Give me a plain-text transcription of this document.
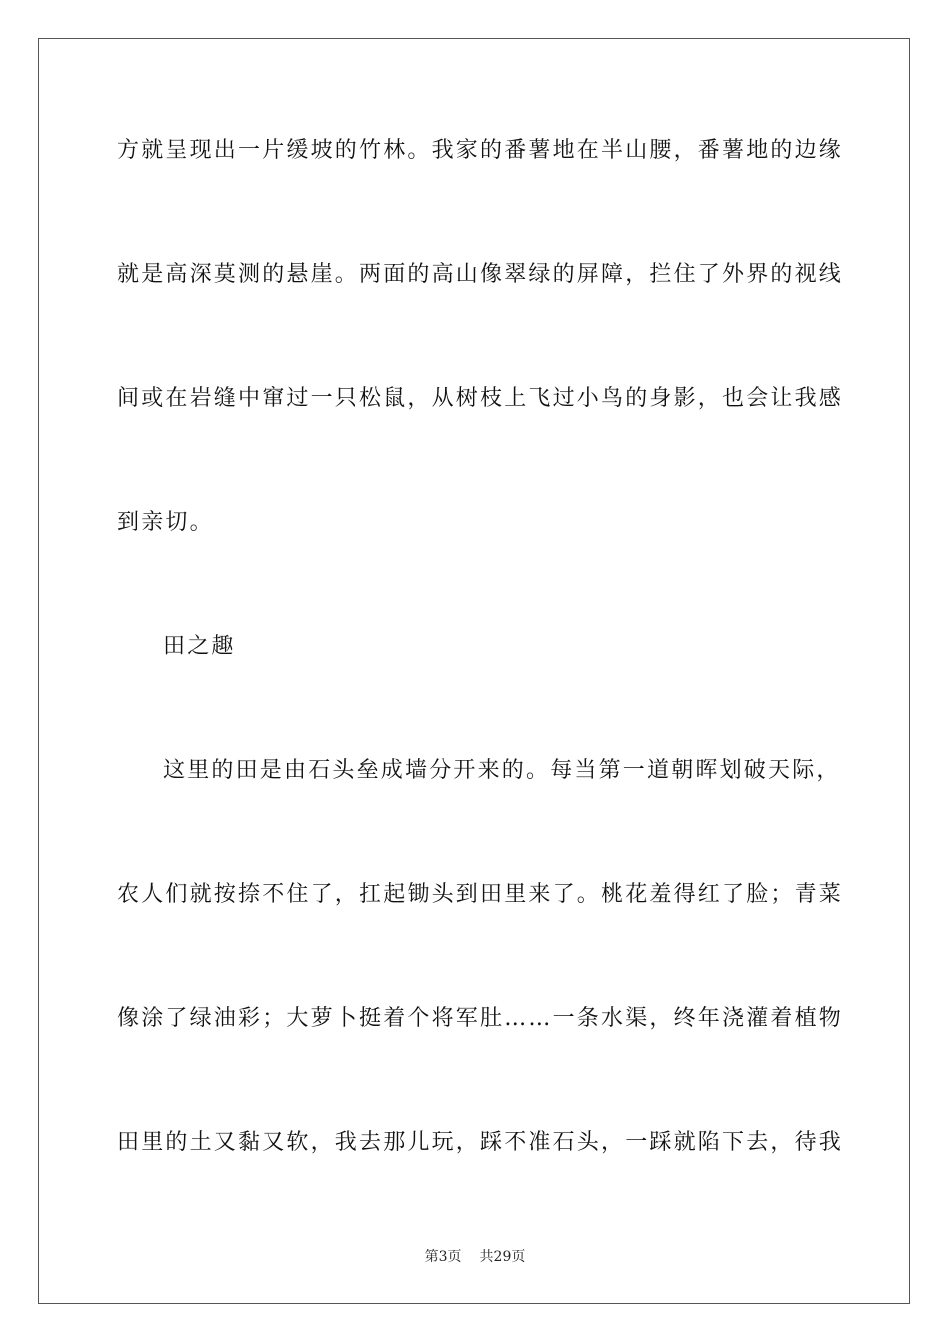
方就呈现出一片缓坡的竹林。我家的番薯地在半山腰，番薯地的边缘
就是高深莫测的悬崖。两面的高山像翠绿的屏障，拦住了外界的视线
间或在岩缝中窜过一只松鼠，从树枝上飞过小鸟的身影，也会让我感
到亲切。
田之趣
这里的田是由石头垒成墙分开来的。每当第一道朝晖划破天际，
农人们就按捺不住了，扛起锄头到田里来了。桃花羞得红了脸；青菜
像涂了绿油彩；大萝卜挺着个将军肚……一条水渠，终年浇灌着植物
田里的土又黏又软，我去那儿玩，踩不准石头，一踩就陷下去，待我
第3页 共29页
